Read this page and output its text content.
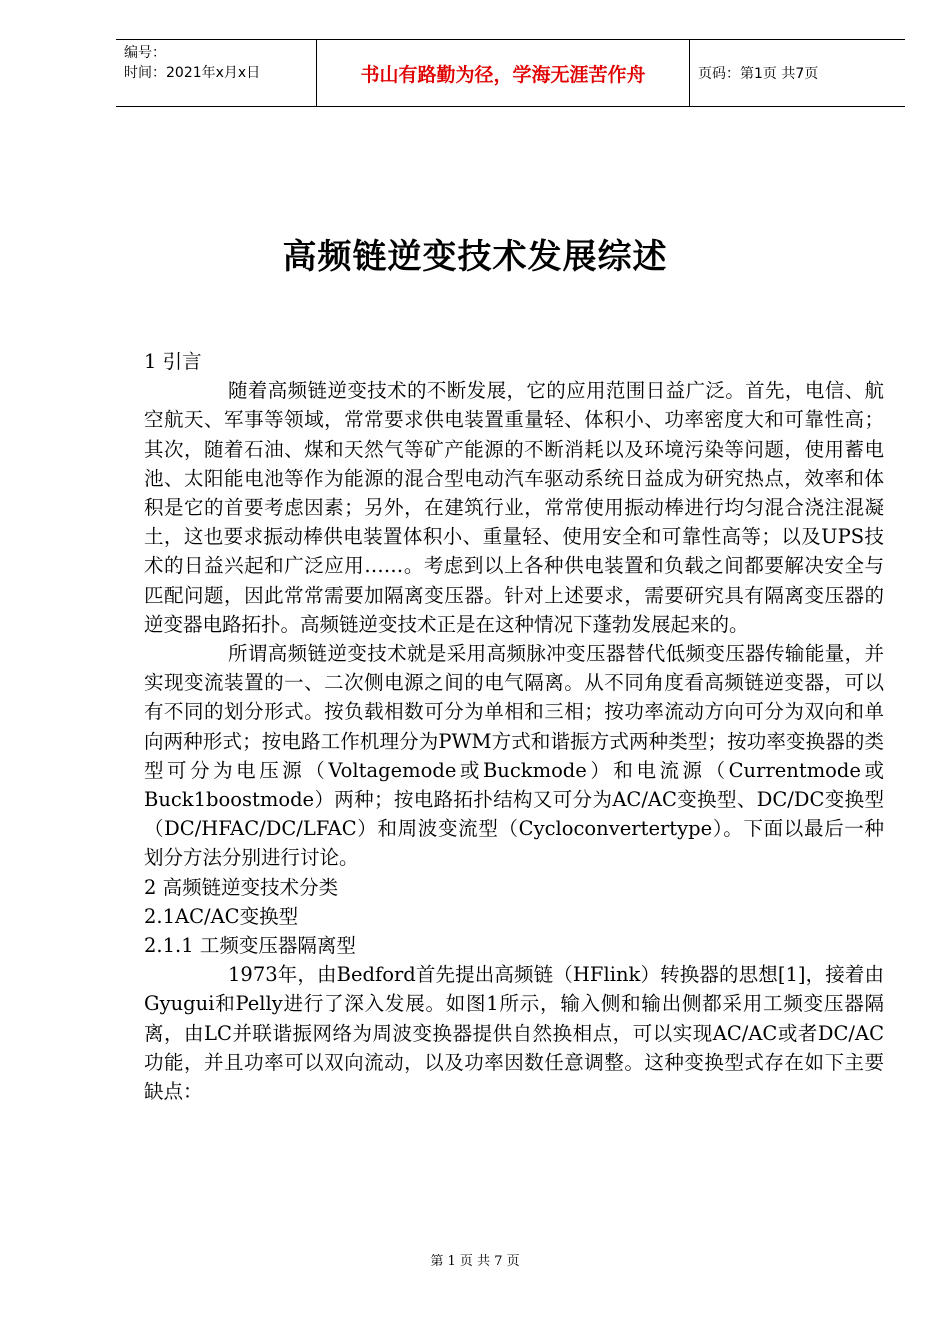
编号：
时间：2021年x月x日	书山有路勤为径，学海无涯苦作舟	页码：第1页 共7页
高频链逆变技术发展综述

1 引言

随着高频链逆变技术的不断发展，它的应用范围日益广泛。首先，电信、航空航天、军事等领域，常常要求供电装置重量轻、体积小、功率密度大和可靠性高；其次，随着石油、煤和天然气等矿产能源的不断消耗以及环境污染等问题，使用蓄电池、太阳能电池等作为能源的混合型电动汽车驱动系统日益成为研究热点，效率和体积是它的首要考虑因素；另外，在建筑行业，常常使用振动棒进行均匀混合浇注混凝土，这也要求振动棒供电装置体积小、重量轻、使用安全和可靠性高等；以及UPS技术的日益兴起和广泛应用……。考虑到以上各种供电装置和负载之间都要解决安全与匹配问题，因此常常需要加隔离变压器。针对上述要求，需要研究具有隔离变压器的逆变器电路拓扑。高频链逆变技术正是在这种情况下蓬勃发展起来的。

所谓高频链逆变技术就是采用高频脉冲变压器替代低频变压器传输能量，并实现变流装置的一、二次侧电源之间的电气隔离。从不同角度看高频链逆变器，可以有不同的划分形式。按负载相数可分为单相和三相；按功率流动方向可分为双向和单向两种形式；按电路工作机理分为PWM方式和谐振方式两种类型；按功率变换器的类型可分为电压源（Voltagemode或Buckmode）和电流源（Currentmode或Buck1boostmode）两种；按电路拓扑结构又可分为AC/AC变换型、DC/DC变换型（DC/HFAC/DC/LFAC）和周波变流型（Cycloconvertertype）。下面以最后一种划分方法分别进行讨论。

2 高频链逆变技术分类

2.1AC/AC变换型

2.1.1 工频变压器隔离型

1973年，由Bedford首先提出高频链（HFlink）转换器的思想[1]，接着由Gyugui和Pelly进行了深入发展。如图1所示，输入侧和输出侧都采用工频变压器隔离，由LC并联谐振网络为周波变换器提供自然换相点，可以实现AC/AC或者DC/AC功能，并且功率可以双向流动，以及功率因数任意调整。这种变换型式存在如下主要缺点：

第 1 页 共 7 页
